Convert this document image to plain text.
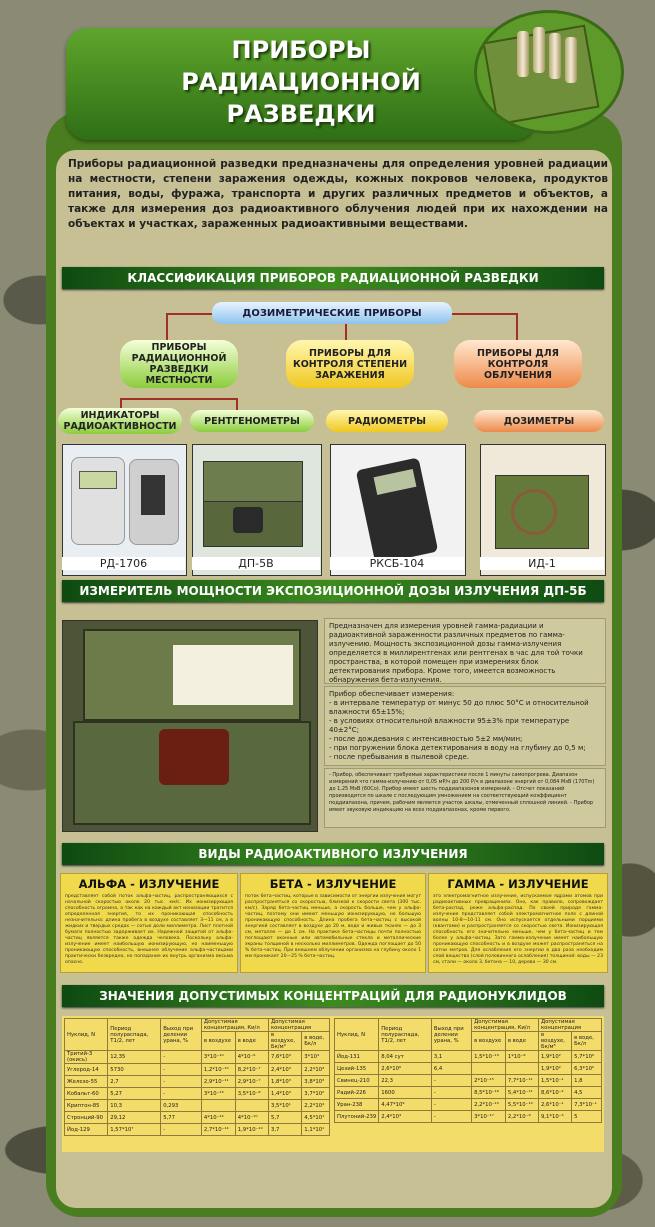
ПРИБОРЫ
РАДИАЦИОННОЙ
РАЗВЕДКИ
Приборы радиационной разведки предназначены для определения уровней радиации на местности, степени заражения одежды, кожных покровов человека, продуктов питания, воды, фуража, транспорта и других различных предметов и объектов, а также для измерения доз радиоактивного облучения людей при их нахождении на объектах и участках, зараженных радиоактивными веществами.
КЛАССИФИКАЦИЯ ПРИБОРОВ РАДИАЦИОННОЙ РАЗВЕДКИ
ДОЗИМЕТРИЧЕСКИЕ ПРИБОРЫ
ПРИБОРЫ РАДИАЦИОННОЙ РАЗВЕДКИ МЕСТНОСТИ
ПРИБОРЫ ДЛЯ КОНТРОЛЯ СТЕПЕНИ ЗАРАЖЕНИЯ
ПРИБОРЫ ДЛЯ КОНТРОЛЯ ОБЛУЧЕНИЯ
ИНДИКАТОРЫ РАДИОАКТИВНОСТИ	РЕНТГЕНОМЕТРЫ	РАДИОМЕТРЫ	ДОЗИМЕТРЫ
РД-1706	ДП-5В	РКСБ-104	ИД-1
ИЗМЕРИТЕЛЬ МОЩНОСТИ ЭКСПОЗИЦИОННОЙ ДОЗЫ ИЗЛУЧЕНИЯ ДП-5Б
Предназначен для измерения уровней гамма-радиации и радиоактивной зараженности различных предметов по гамма-излучению. Мощность экспозиционной дозы гамма-излучения определяется в миллирентгенах или рентгенах в час для той точки пространства, в которой помещен при измерениях блок детектирования прибора. Кроме того, имеется возможность обнаружения бета-излучения.
Прибор обеспечивает измерения:
- в интервале температур от минус 50 до плюс 50°С и относительной влажности 65±15%;
- в условиях относительной влажности 95±3% при температуре 40±2°С;
- после дождевания с интенсивностью 5±2 мм/мин;
- при погружении блока детектирования в воду на глубину до 0,5 м;
- после пребывания в пылевой среде.
- Прибор, обеспечивает требуемые характеристики после 1 минуты самопрогрева. Диапазон измерений что гамма-излучению от 0,05 мР/ч до 200 Р/ч в диапазоне энергий от 0,084 МэВ (170Tm) до 1,25 МэВ (60Co). Прибор имеет шесть поддиапазонов измерений. - Отсчет показаний производится по шкале с последующим умножением на соответствующий коэффициент поддиапазона, причем, рабочим является участок шкалы, отмеченный сплошной линией. - Прибор имеет звуковую индикацию на всех поддиапазонах, кроме первого.
ВИДЫ РАДИОАКТИВНОГО ИЗЛУЧЕНИЯ
АЛЬФА - ИЗЛУЧЕНИЕ
представляет собой поток альфа-частиц, распространяющихся с начальной скоростью около 20 тыс. км/с. Их ионизирующая способность огромна, а так как на каждый акт ионизации тратится определенная энергия, то их проникающая способность незначительна: длина пробега в воздухе составляет 3—11 см, а в жидких и твердых средах — сотые доли миллиметра. Лист плотной бумаги полностью задерживает их. Надежной защитой от альфа-частиц является также одежда человека. Поскольку альфа-излучение имеет наибольшую ионизирующую, но наименьшую проникающую способность, внешнее облучение альфа-частицами практически безвредно, но попадание их внутрь организма весьма опасно.
БЕТА - ИЗЛУЧЕНИЕ
поток бета-частиц, которые в зависимости от энергии излучения могут распространяться со скоростью, близкой к скорости света (300 тыс. км/с). Заряд бета-частиц меньше, а скорость больше, чем у альфа-частиц, поэтому они имеют меньшую ионизирующую, но большую проникающую способность. Длина пробега бета-частиц с высокой энергией составляет в воздухе до 20 м, воде и живых тканях — до 3 см, металле — до 1 см. На практике бета-частицы почти полностью поглощают оконные или автомобильные стекла и металлические экраны толщиной в несколько миллиметров. Одежда поглощает до 50 % бета-частиц. При внешнем облучении организма на глубину около 1 мм проникает 20—25 % бета-частиц.
ГАММА - ИЗЛУЧЕНИЕ
это электромагнитное излучение, испускаемое ядрами атомов при радиоактивных превращениях. Оно, как правило, сопровождает бета-распад, реже альфа-распад. По своей природе гамма-излучение представляет собой электромагнитное поле с длиной волны 10-8—10-11 см. Оно испускается отдельными порциями (квантами) и распространяется со скоростью света. Ионизирующая способность его значительно меньше, чем у бета-частиц и тем более у альфа-частиц. Зато гамма-излучение имеет наибольшую проникающую способность и в воздухе может распространяться на сотни метров. Для ослабления его энергии в два раза необходим слой вещества (слой половинного ослабления) толщиной: воды — 23 см, стали — около 3, бетона — 10, дерева — 30 см.
ЗНАЧЕНИЯ ДОПУСТИМЫХ КОНЦЕНТРАЦИЙ ДЛЯ РАДИОНУКЛИДОВ
Нуклид, N	Период полураспада, T1/2, лет	Выход при делении урана, %	Допустимая концентрация, Ки/л		Допустимая концентрация	
			в воздухе	в воде	в воздухе, Бк/м³	в воде, Бк/л
Тритий-3 (окись)	12,35	-	3*10⁻¹⁰	4*10⁻⁶	7,6*10³	3*10⁴
Углерод-14	5730	-	1,2*10⁻¹⁰	8,2*10⁻⁷	2,4*10³	2,2*10³
Железо-55	2,7	-	2,9*10⁻¹¹	2,9*10⁻⁷	1,8*10³	3,8*10³
Кобальт-60	5,27	-	3*10⁻¹³	3,5*10⁻⁸	1,4*10³	3,7*10²
Криптон-85	10,3	0,293			3,5*10¹	2,2*10⁴
Стронций-90	29,12	5,77	4*10⁻¹⁴	4*10⁻¹⁰	5,7	4,5*10¹
Йод-129	1,57*10⁷	-	2,7*10⁻¹⁴	1,9*10⁻¹⁰	3,7	1,1*10¹
Нуклид, N	Период полураспада, T1/2, лет	Выход при делении урана, %	Допустимая концентрация, Ки/л		Допустимая концентрация	
			в воздухе	в воде	в воздухе, Бк/м³	в воде, Бк/л
Йод-131	8,04 сут	3,1	1,5*10⁻¹³	1*10⁻⁹	1,9*10²	5,7*10⁰
Цезий-135	2,6*10⁶	6,4			1,9*10²	6,3*10²
Свинец-210	22,3	-	2*10⁻¹⁵	7,7*10⁻¹¹	1,5*10⁻¹	1,8
Радий-226	1600	-	8,5*10⁻¹⁶	5,4*10⁻¹¹	8,6*10⁻²	4,5
Уран-238	4,47*10⁹	-	2,2*10⁻¹⁵	5,5*10⁻¹⁰	2,6*10⁻¹	7,3*10⁻¹
Плутоний-239	2,4*10⁴	-	3*10⁻¹⁷	2,2*10⁻⁹	9,1*10⁻³	5
